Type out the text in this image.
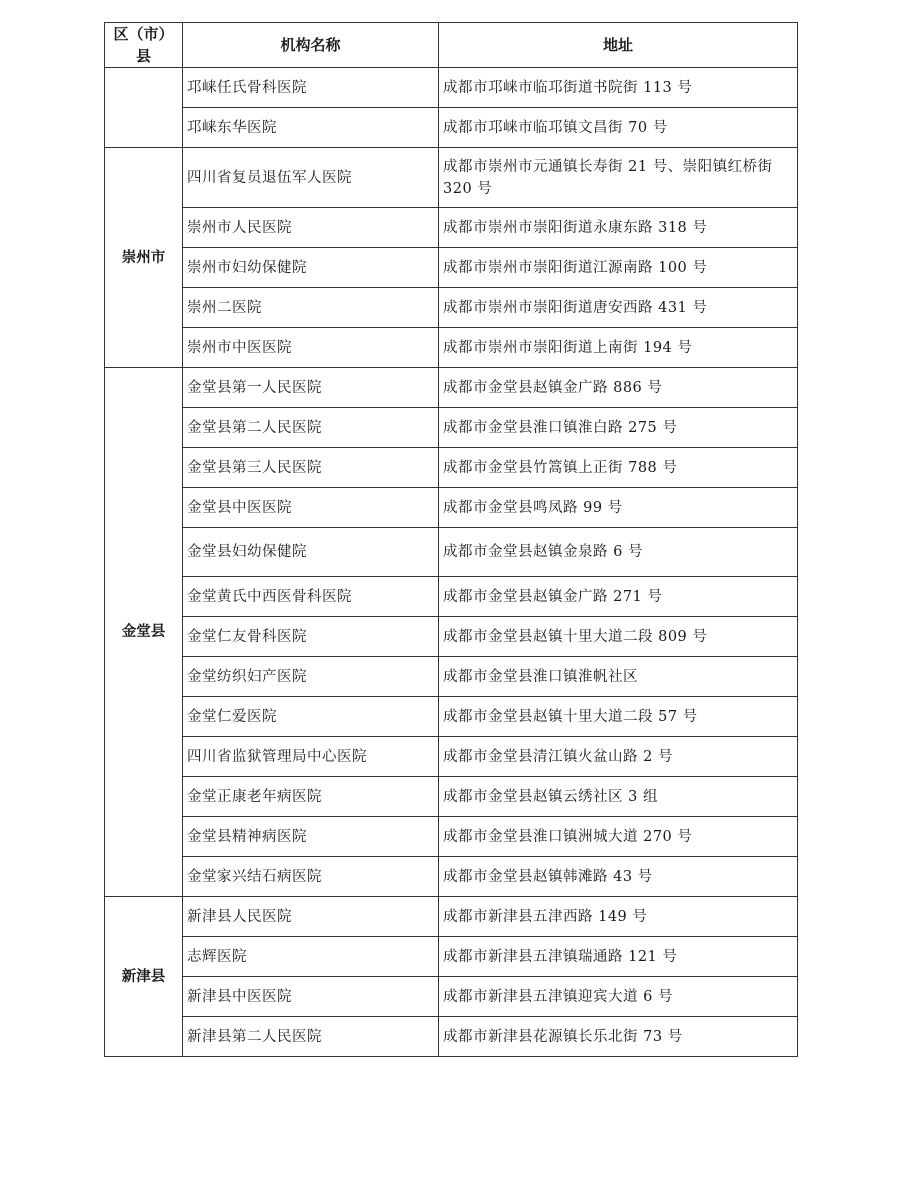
区（市）县	机构名称	地址
	邛崃任氏骨科医院	成都市邛崃市临邛街道书院街 113 号
	邛崃东华医院	成都市邛崃市临邛镇文昌街 70 号
崇州市	四川省复员退伍军人医院	成都市崇州市元通镇长寿街 21 号、崇阳镇红桥街 320 号
	崇州市人民医院	成都市崇州市崇阳街道永康东路 318 号
	崇州市妇幼保健院	成都市崇州市崇阳街道江源南路 100 号
	崇州二医院	成都市崇州市崇阳街道唐安西路 431 号
	崇州市中医医院	成都市崇州市崇阳街道上南街 194 号
金堂县	金堂县第一人民医院	成都市金堂县赵镇金广路 886 号
	金堂县第二人民医院	成都市金堂县淮口镇淮白路 275 号
	金堂县第三人民医院	成都市金堂县竹篙镇上正街 788 号
	金堂县中医医院	成都市金堂县鸣凤路 99 号
	金堂县妇幼保健院	成都市金堂县赵镇金泉路 6 号
	金堂黄氏中西医骨科医院	成都市金堂县赵镇金广路 271 号
	金堂仁友骨科医院	成都市金堂县赵镇十里大道二段 809 号
	金堂纺织妇产医院	成都市金堂县淮口镇淮帆社区
	金堂仁爱医院	成都市金堂县赵镇十里大道二段 57 号
	四川省监狱管理局中心医院	成都市金堂县清江镇火盆山路 2 号
	金堂正康老年病医院	成都市金堂县赵镇云绣社区 3 组
	金堂县精神病医院	成都市金堂县淮口镇洲城大道 270 号
	金堂家兴结石病医院	成都市金堂县赵镇韩滩路 43 号
新津县	新津县人民医院	成都市新津县五津西路 149 号
	志辉医院	成都市新津县五津镇瑞通路 121 号
	新津县中医医院	成都市新津县五津镇迎宾大道 6 号
	新津县第二人民医院	成都市新津县花源镇长乐北街 73 号
